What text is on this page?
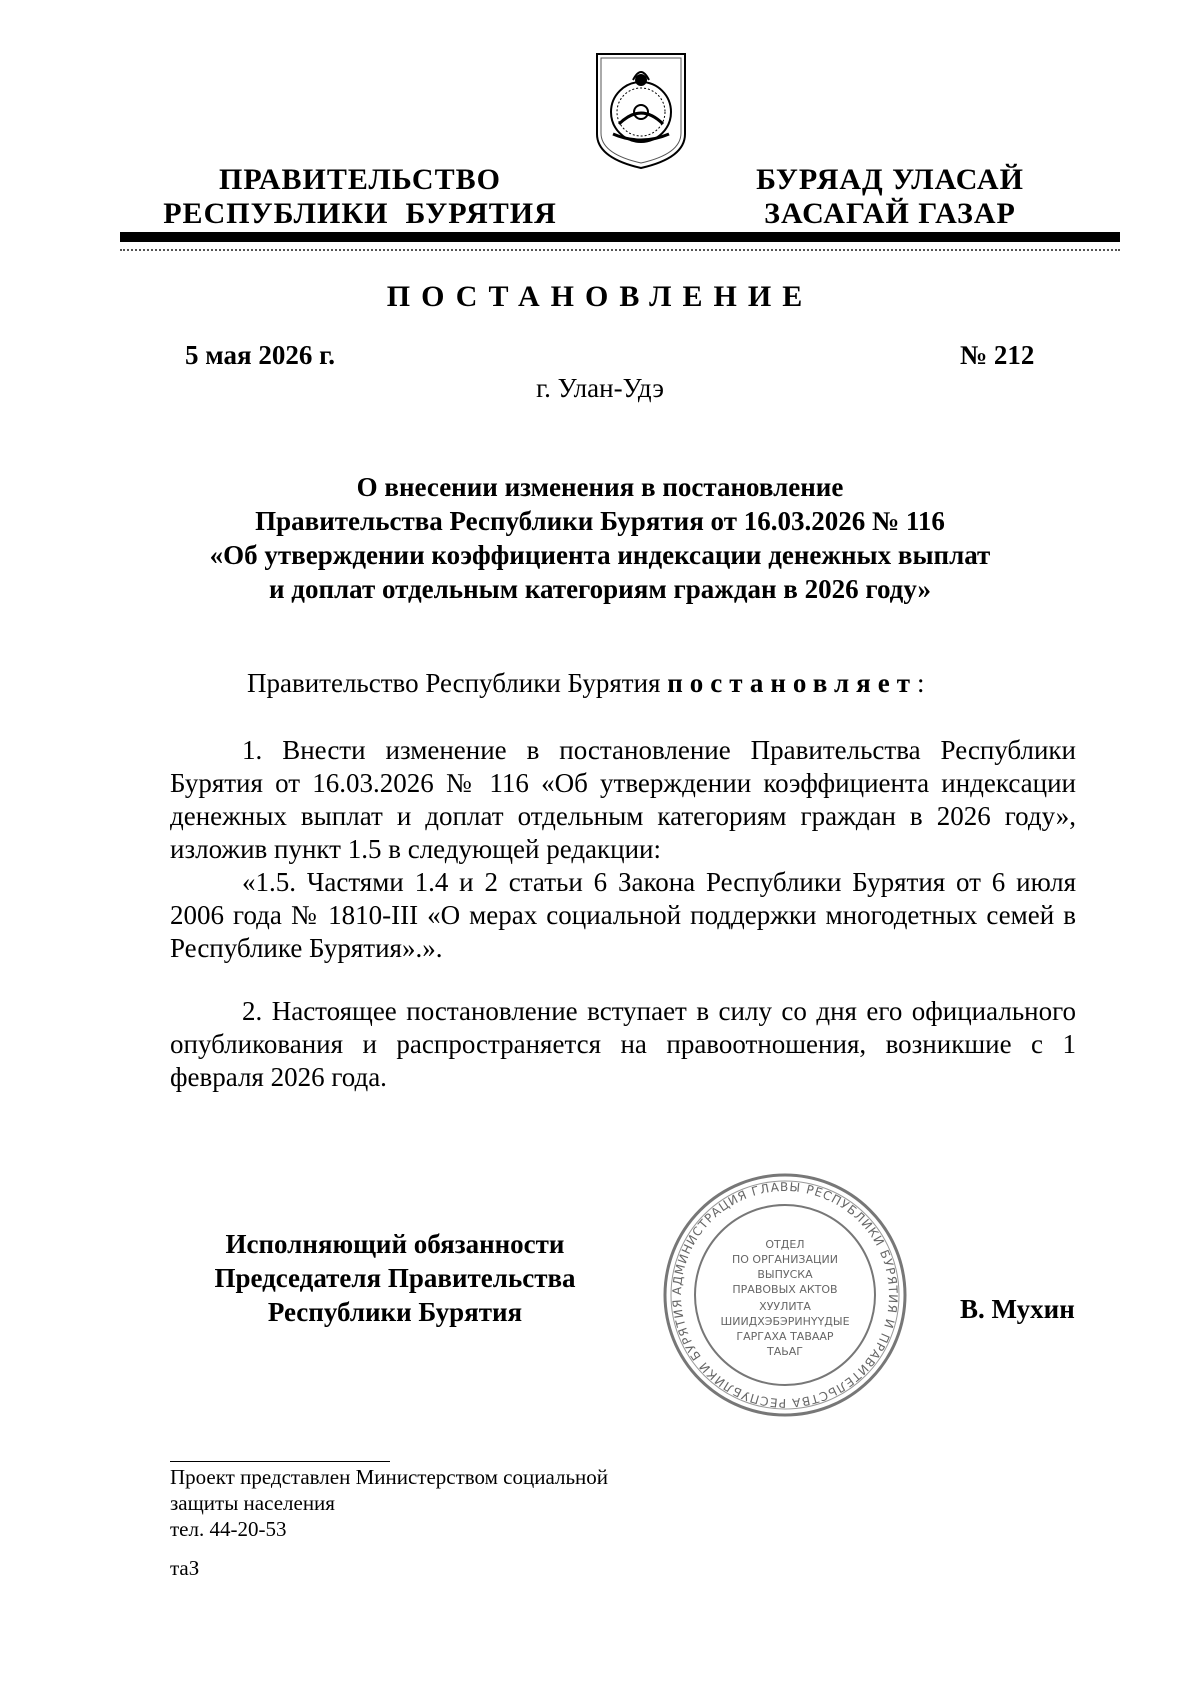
ПРАВИТЕЛЬСТВО
РЕСПУБЛИКИ  БУРЯТИЯ
БУРЯАД УЛАСАЙ
ЗАСАГАЙ ГАЗАР
ПОСТАНОВЛЕНИЕ
5 мая 2026 г.	№ 212
г. Улан-Удэ
О внесении изменения в постановление
Правительства Республики Бурятия от 16.03.2026 № 116
«Об утверждении коэффициента индексации денежных выплат
и доплат отдельным категориям граждан в 2026 году»
Правительство Республики Бурятия постановляет:
1. Внести изменение в постановление Правительства Республики Бурятия от 16.03.2026 № 116 «Об утверждении коэффициента индексации денежных выплат и доплат отдельным категориям граждан в 2026 году», изложив пункт 1.5 в следующей редакции:
«1.5. Частями 1.4 и 2 статьи 6 Закона Республики Бурятия от 6 июля 2006 года № 1810-III «О мерах социальной поддержки многодетных семей в Республике Бурятия».».
2. Настоящее постановление вступает в силу со дня его официального опубликования и распространяется на правоотношения, возникшие с 1 февраля 2026 года.
Исполняющий обязанности
Председателя Правительства
Республики Бурятия	В. Мухин
АДМИНИСТРАЦИЯ ГЛАВЫ РЕСПУБЛИКИ БУРЯТИЯ И ПРАВИТЕЛЬСТВА РЕСПУБЛИКИ БУРЯТИЯ
ОТДЕЛ
ПО ОРГАНИЗАЦИИ
ВЫПУСКА
ПРАВОВЫХ АКТОВ
ХУУЛИТА
ШИИДХЭБЭРИНҮҮДЫЕ
ГАРГАХА ТАВААР
ТАЬАГ
Проект представлен Министерством социальной
защиты населения
тел. 44-20-53
таЗ
